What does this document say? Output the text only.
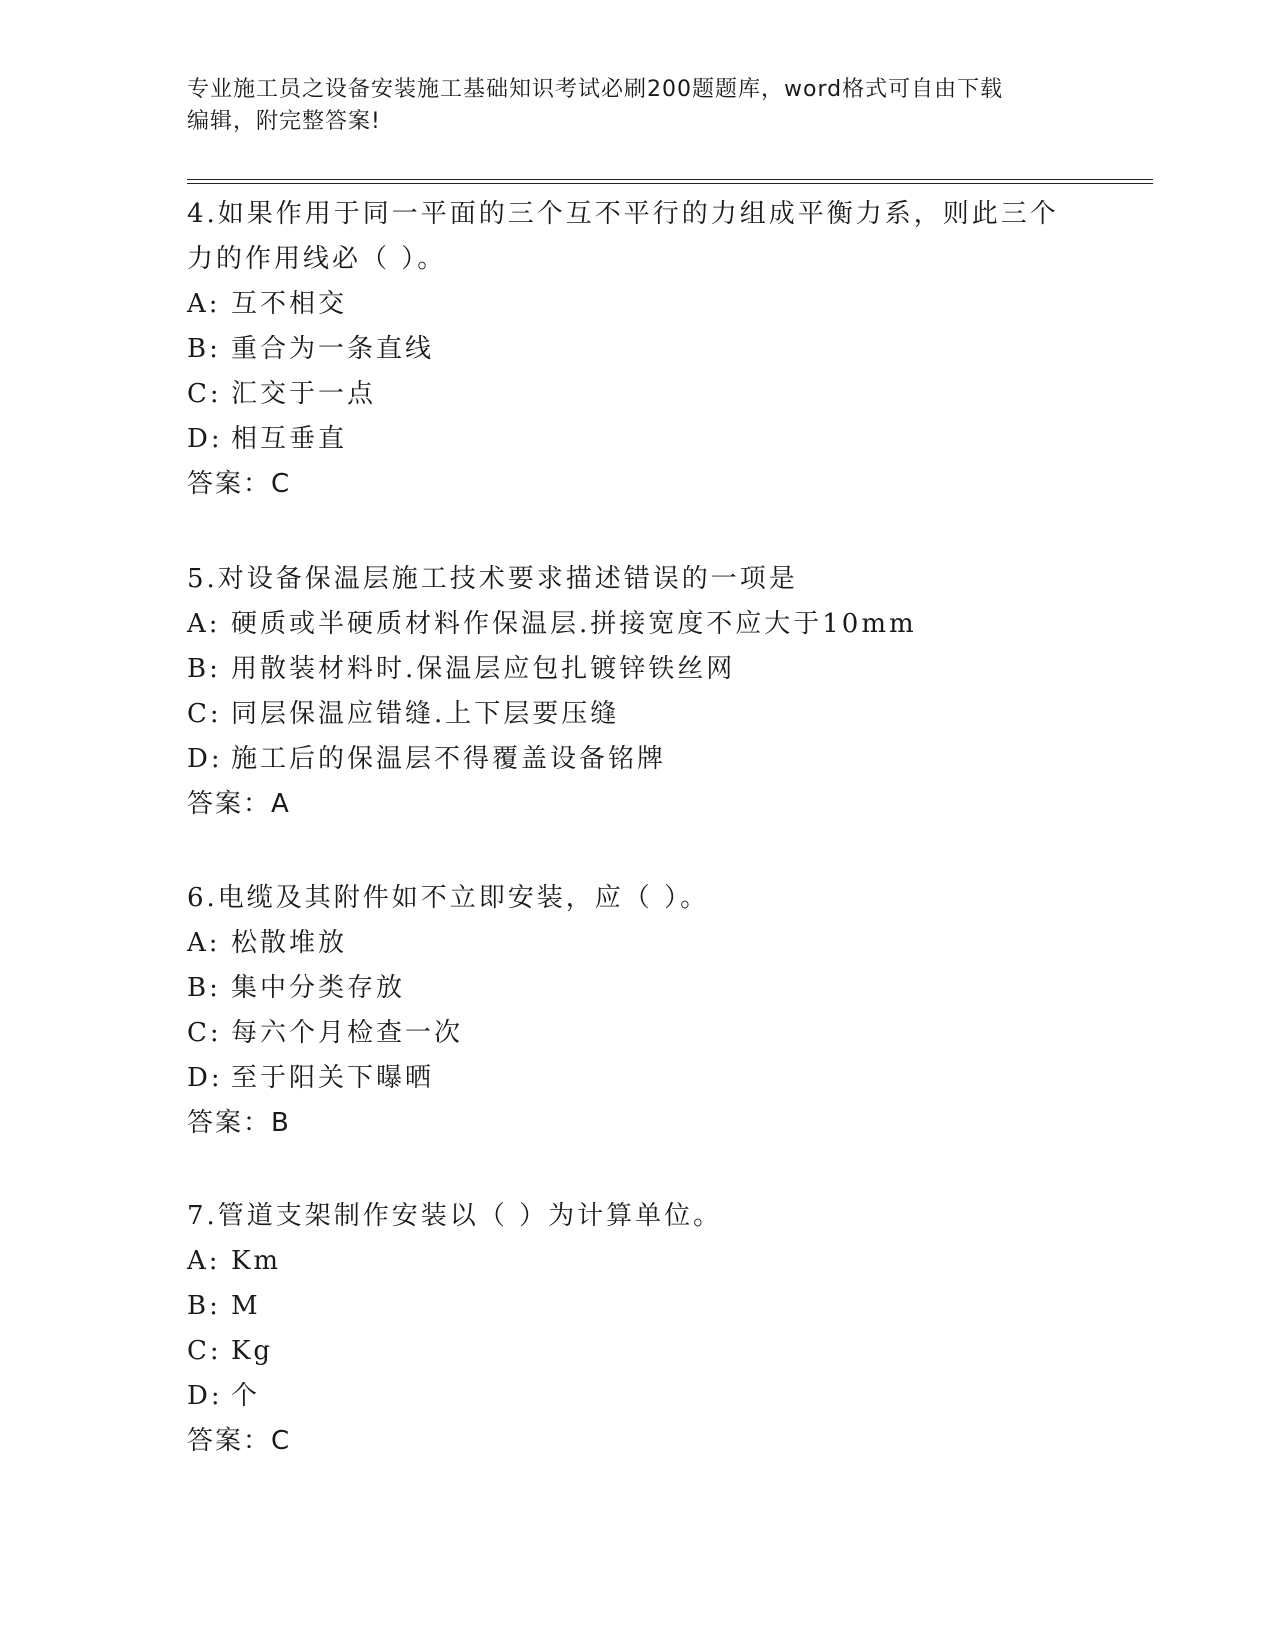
专业施工员之设备安装施工基础知识考试必刷200题题库，word格式可自由下载
编辑，附完整答案!
4.如果作用于同一平面的三个互不平行的力组成平衡力系，则此三个
力的作用线必（ ）。
A: 互不相交
B: 重合为一条直线
C: 汇交于一点
D: 相互垂直
答案：C
5.对设备保温层施工技术要求描述错误的一项是
A: 硬质或半硬质材料作保温层.拼接宽度不应大于10mm
B: 用散装材料时.保温层应包扎镀锌铁丝网
C: 同层保温应错缝.上下层要压缝
D: 施工后的保温层不得覆盖设备铭牌
答案：A
6.电缆及其附件如不立即安装，应（ ）。
A: 松散堆放
B: 集中分类存放
C: 每六个月检查一次
D: 至于阳关下曝晒
答案：B
7.管道支架制作安装以（ ）为计算单位。
A: Km
B: M
C: Kg
D: 个
答案：C
